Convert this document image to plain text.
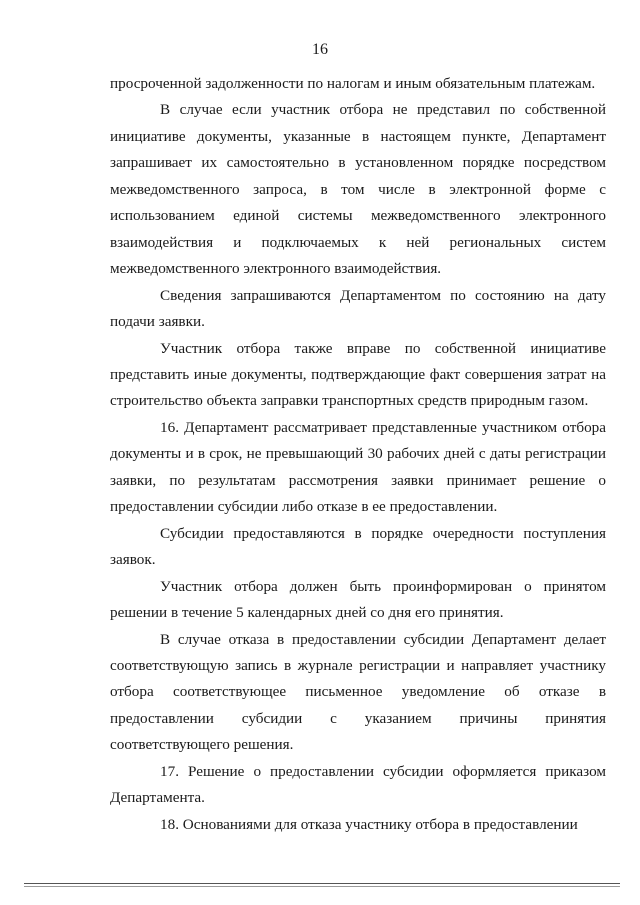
16

просроченной задолженности по налогам и иным обязательным платежам.

В случае если участник отбора не представил по собственной инициативе документы, указанные в настоящем пункте, Департамент запрашивает их самостоятельно в установленном порядке посредством межведомственного запроса, в том числе в электронной форме с использованием единой системы межведомственного электронного взаимодействия и подключаемых к ней региональных систем межведомственного электронного взаимодействия.

Сведения запрашиваются Департаментом по состоянию на дату подачи заявки.

Участник отбора также вправе по собственной инициативе представить иные документы, подтверждающие факт совершения затрат на строительство объекта заправки транспортных средств природным газом.

16. Департамент рассматривает представленные участником отбора документы и в срок, не превышающий 30 рабочих дней с даты регистрации заявки, по результатам рассмотрения заявки принимает решение о предоставлении субсидии либо отказе в ее предоставлении.

Субсидии предоставляются в порядке очередности поступления заявок.

Участник отбора должен быть проинформирован о принятом решении в течение 5 календарных дней со дня его принятия.

В случае отказа в предоставлении субсидии Департамент делает соответствующую запись в журнале регистрации и направляет участнику отбора соответствующее письменное уведомление об отказе в предоставлении субсидии с указанием причины принятия соответствующего решения.

17. Решение о предоставлении субсидии оформляется приказом Департамента.

18. Основаниями для отказа участнику отбора в предоставлении
